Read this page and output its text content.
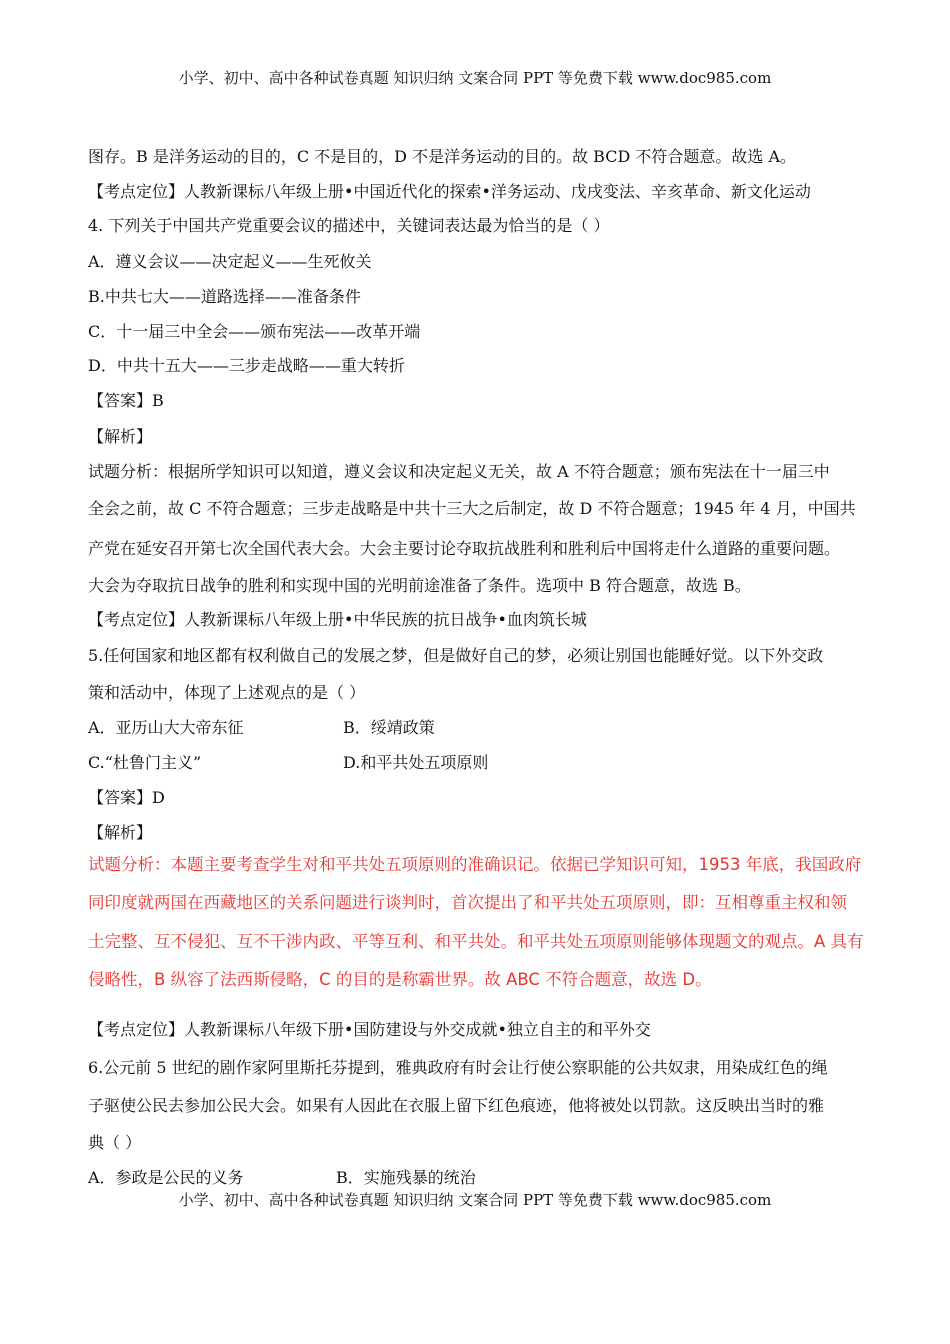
小学、初中、高中各种试卷真题 知识归纳 文案合同 PPT 等免费下载 www.doc985.com
图存。B 是洋务运动的目的，C 不是目的，D 不是洋务运动的目的。故 BCD 不符合题意。故选 A。
【考点定位】人教新课标八年级上册•中国近代化的探索•洋务运动、戊戌变法、辛亥革命、新文化运动
4. 下列关于中国共产党重要会议的描述中，关键词表达最为恰当的是（ ）
A．遵义会议——决定起义——生死攸关
B.中共七大——道路选择——准备条件
C．十一届三中全会——颁布宪法——改革开端
D．中共十五大——三步走战略——重大转折
【答案】B
【解析】
试题分析：根据所学知识可以知道，遵义会议和决定起义无关，故 A 不符合题意；颁布宪法在十一届三中
全会之前，故 C 不符合题意；三步走战略是中共十三大之后制定，故 D 不符合题意；1945 年 4 月，中国共
产党在延安召开第七次全国代表大会。大会主要讨论夺取抗战胜利和胜利后中国将走什么道路的重要问题。
大会为夺取抗日战争的胜利和实现中国的光明前途准备了条件。选项中 B 符合题意，故选 B。
【考点定位】人教新课标八年级上册•中华民族的抗日战争•血肉筑长城
5.任何国家和地区都有权利做自己的发展之梦，但是做好自己的梦，必须让别国也能睡好觉。以下外交政
策和活动中，体现了上述观点的是（ ）
A．亚历山大大帝东征	B．绥靖政策
C.“杜鲁门主义”	D.和平共处五项原则
【答案】D
【解析】
试题分析：本题主要考查学生对和平共处五项原则的准确识记。依据已学知识可知，1953 年底，我国政府
同印度就两国在西藏地区的关系问题进行谈判时，首次提出了和平共处五项原则，即：互相尊重主权和领
土完整、互不侵犯、互不干涉内政、平等互利、和平共处。和平共处五项原则能够体现题文的观点。A 具有
侵略性，B 纵容了法西斯侵略，C 的目的是称霸世界。故 ABC 不符合题意，故选 D。
【考点定位】人教新课标八年级下册•国防建设与外交成就•独立自主的和平外交
6.公元前 5 世纪的剧作家阿里斯托芬提到，雅典政府有时会让行使公察职能的公共奴隶，用染成红色的绳
子驱使公民去参加公民大会。如果有人因此在衣服上留下红色痕迹，他将被处以罚款。这反映出当时的雅
典（ ）
A．参政是公民的义务	B．实施残暴的统治
小学、初中、高中各种试卷真题 知识归纳 文案合同 PPT 等免费下载 www.doc985.com
